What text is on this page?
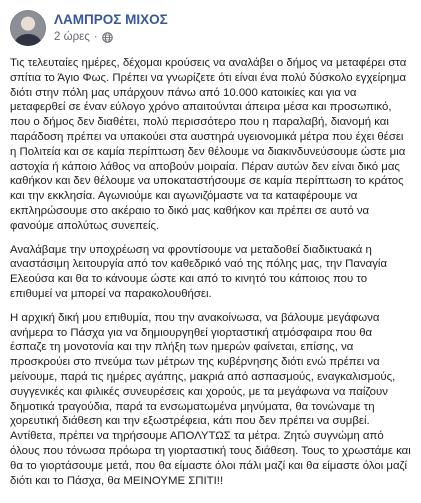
ΛΑΜΠΡΟΣ ΜΙΧΟΣ
2 ώρες ·

Τις τελευταίες ημέρες, δέχομαι κρούσεις να αναλάβει ο δήμος να μεταφέρει στα σπίτια το Άγιο Φως. Πρέπει να γνωρίζετε ότι είναι ένα πολύ δύσκολο εγχείρημα διότι στην πόλη μας υπάρχουν πάνω από 10.000 κατοικίες και για να μεταφερθεί σε έναν εύλογο χρόνο απαιτούνται άπειρα μέσα και προσωπικό, που ο δήμος δεν διαθέτει, πολύ περισσότερο που η παραλαβή, διανομή και παράδοση πρέπει να υπακούει στα αυστηρά υγειονομικά μέτρα που έχει θέσει η Πολιτεία και σε καμία περίπτωση δεν θέλουμε να διακινδυνεύσουμε ώστε μια αστοχία ή κάποιο λάθος να αποβούν μοιραία. Πέραν αυτών δεν είναι δικό μας καθήκον και δεν θέλουμε να υποκαταστήσουμε σε καμία περίπτωση το κράτος και την εκκλησία. Αγωνιούμε και αγωνιζόμαστε να τα καταφέρουμε να εκπληρώσουμε στο ακέραιο το δικό μας καθήκον και πρέπει σε αυτό να φανούμε απολύτως συνεπείς.

Αναλάβαμε την υποχρέωση να φροντίσουμε να μεταδοθεί διαδικτυακά η αναστάσιμη λειτουργία από τον καθεδρικό ναό της πόλης μας, την Παναγία Ελεούσα και θα το κάνουμε ώστε και από το κινητό του κάποιος που το επιθυμεί να μπορεί να παρακολουθήσει.

Η αρχική δική μου επιθυμία, που την ανακοίνωσα, να βάλουμε μεγάφωνα ανήμερα το Πάσχα για να δημιουργηθεί γιορταστική ατμόσφαιρα που θα έσπαζε τη μονοτονία και την πλήξη των ημερών φαίνεται, επίσης, να προσκρούει στο πνεύμα των μέτρων της κυβέρνησης διότι ενώ πρέπει να μείνουμε, παρά τις ημέρες αγάπης, μακριά από ασπασμούς, εναγκαλισμούς, συγγενικές και φιλικές συνευρέσεις και χορούς, με τα μεγάφωνα να παίζουν δημοτικά τραγούδια, παρά τα ενσωματωμένα μηνύματα, θα τονώναμε τη χορευτική διάθεση και την εξωστρέφεια, κάτι που δεν πρέπει να συμβεί. Αντίθετα, πρέπει να τηρήσουμε ΑΠΟΛΥΤΩΣ τα μέτρα. Ζητώ συγνώμη από όλους που τόνωσα πρόωρα τη γιορταστική τους διάθεση. Τους το χρωστάμε και θα το γιορτάσουμε μετά, που θα είμαστε όλοι πάλι μαζί και θα είμαστε όλοι μαζί διότι και το Πάσχα, θα ΜΕΙΝΟΥΜΕ ΣΠΙΤΙ!!
